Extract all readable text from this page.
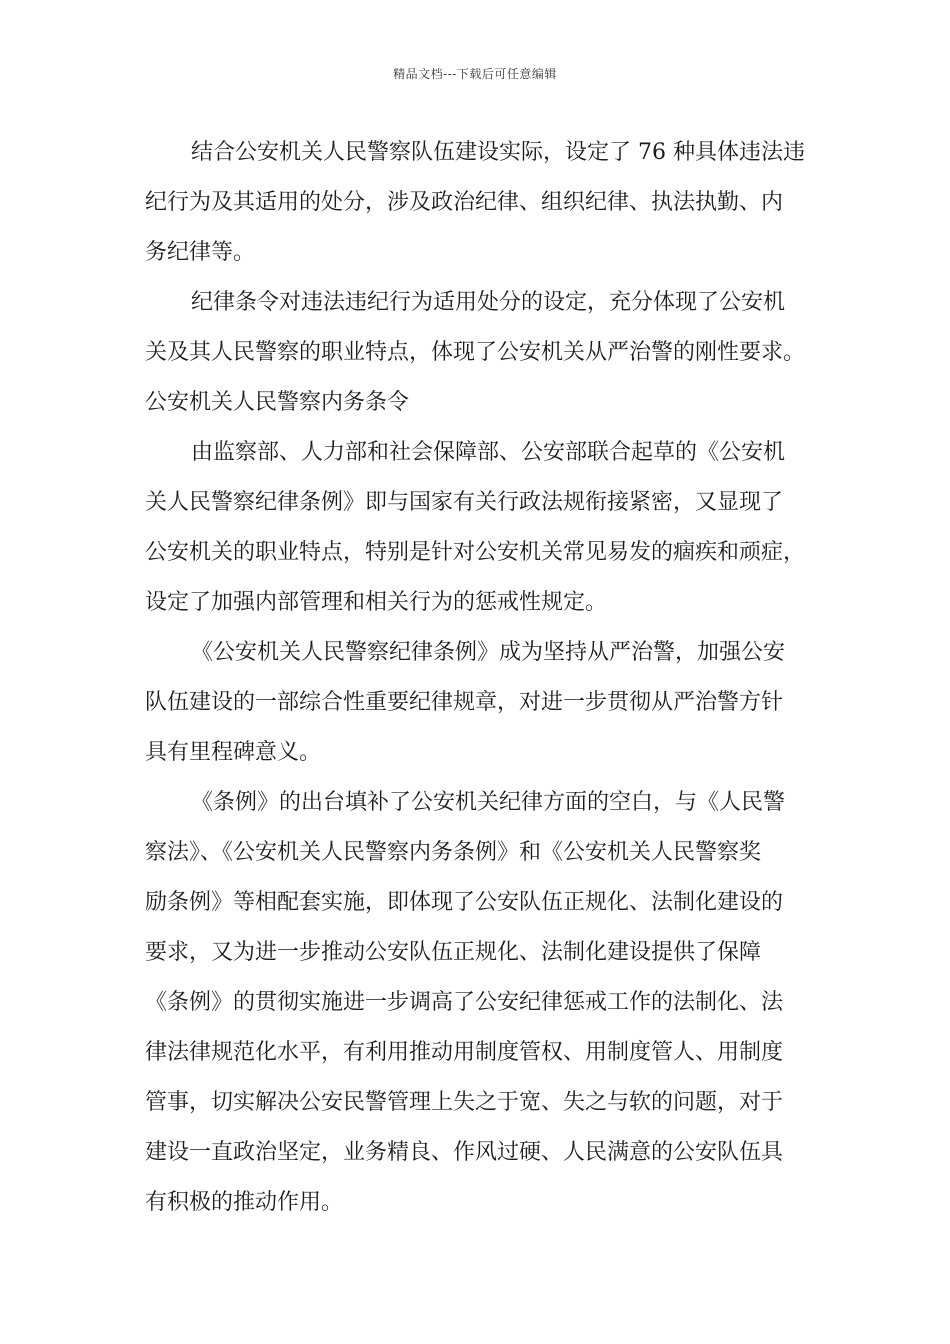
精品文档---下载后可任意编辑
结合公安机关人民警察队伍建设实际，设定了 76 种具体违法违
纪行为及其适用的处分，涉及政治纪律、组织纪律、执法执勤、内
务纪律等。
纪律条令对违法违纪行为适用处分的设定，充分体现了公安机
关及其人民警察的职业特点，体现了公安机关从严治警的刚性要求。
公安机关人民警察内务条令
由监察部、人力部和社会保障部、公安部联合起草的《公安机
关人民警察纪律条例》即与国家有关行政法规衔接紧密，又显现了
公安机关的职业特点，特别是针对公安机关常见易发的痼疾和顽症，
设定了加强内部管理和相关行为的惩戒性规定。
《公安机关人民警察纪律条例》成为坚持从严治警，加强公安
队伍建设的一部综合性重要纪律规章，对进一步贯彻从严治警方针
具有里程碑意义。
《条例》的出台填补了公安机关纪律方面的空白，与《人民警
察法》、《公安机关人民警察内务条例》和《公安机关人民警察奖
励条例》等相配套实施，即体现了公安队伍正规化、法制化建设的
要求，又为进一步推动公安队伍正规化、法制化建设提供了保障
《条例》的贯彻实施进一步调高了公安纪律惩戒工作的法制化、法
律法律规范化水平，有利用推动用制度管权、用制度管人、用制度
管事，切实解决公安民警管理上失之于宽、失之与软的问题，对于
建设一直政治坚定，业务精良、作风过硬、人民满意的公安队伍具
有积极的推动作用。
